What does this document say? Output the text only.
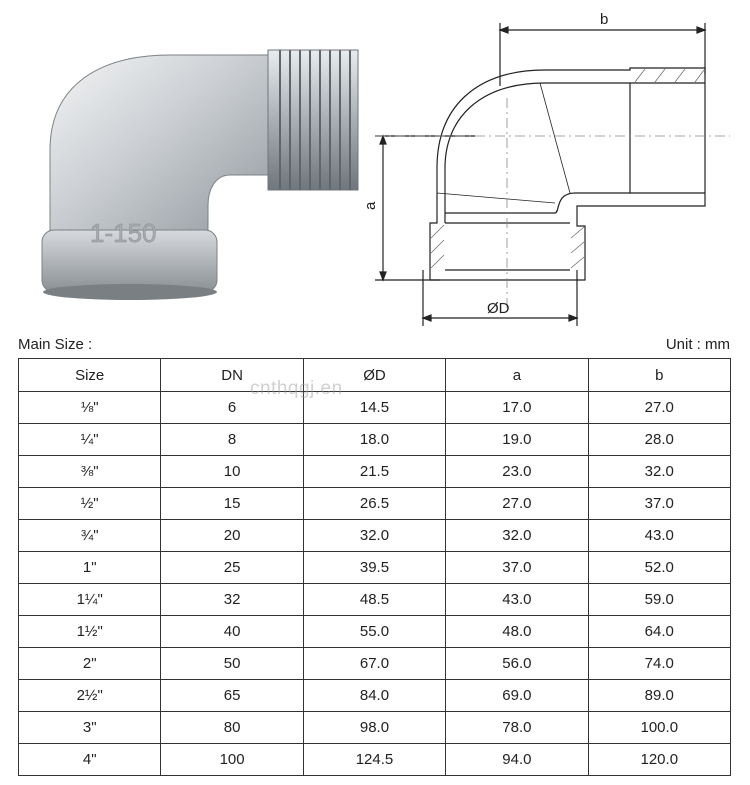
1-150
b
a
ØD
Main Size :	Unit : mm
Size	DN	ØD	a	b
⅛"	6	14.5	17.0	27.0
¼"	8	18.0	19.0	28.0
⅜"	10	21.5	23.0	32.0
½"	15	26.5	27.0	37.0
¾"	20	32.0	32.0	43.0
1"	25	39.5	37.0	52.0
1¼"	32	48.5	43.0	59.0
1½"	40	55.0	48.0	64.0
2"	50	67.0	56.0	74.0
2½"	65	84.0	69.0	89.0
3"	80	98.0	78.0	100.0
4"	100	124.5	94.0	120.0
cnthqgj.en
